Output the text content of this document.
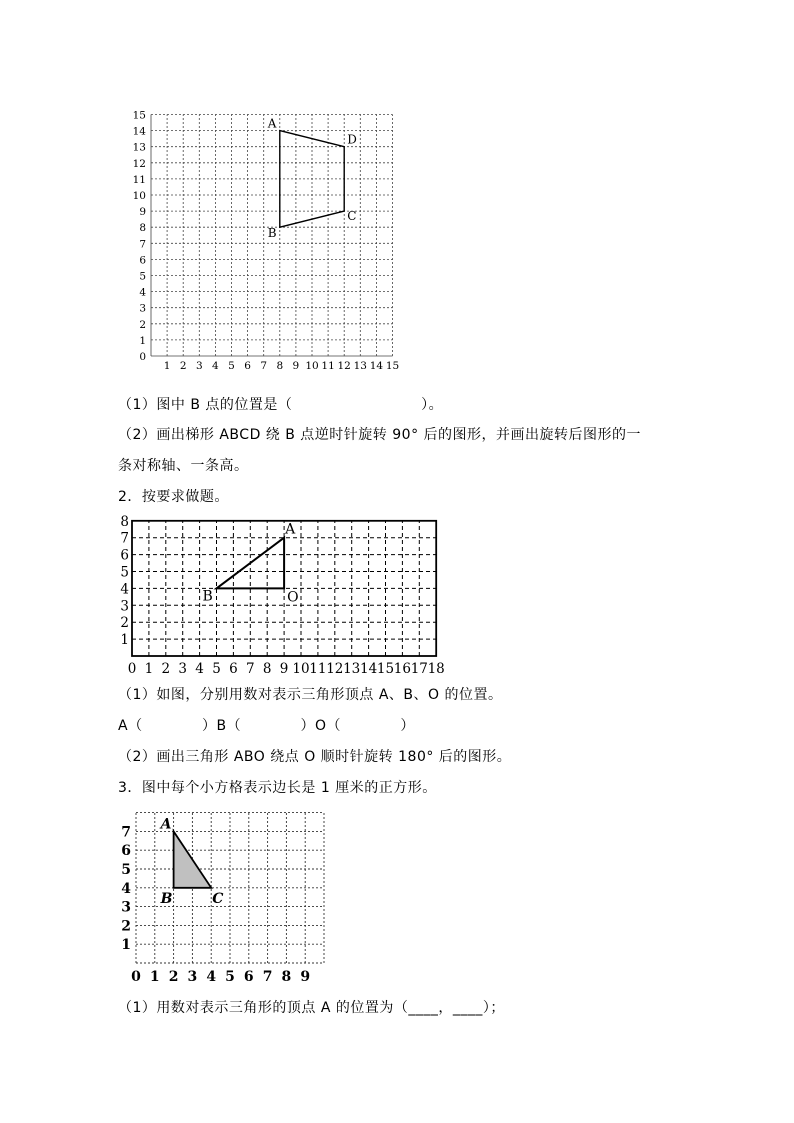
0
1
1
2
2
3
3
4
4
5
5
6
6
7
7
8
8
9
9
10
10
11
11
12
12
13
13
14
14
15
15
A
D
C
B
0 1 2 3 4 5 6 7 8 9 10 11 12 13 14 15 16 17 18
1
2
3
4
5
6
7
8	A
B	O
0 1 2 3 4 5 6 7 8 9
1
2
3
4
5
6
7 A
B	C
（1）图中 B 点的位置是（                          ）。
（2）画出梯形 ABCD 绕 B 点逆时针旋转 90° 后的图形，并画出旋转后图形的一
条对称轴、一条高。
2．按要求做题。
（1）如图，分别用数对表示三角形顶点 A、B、O 的位置。
A（            ）B（            ）O（            ）
（2）画出三角形 ABO 绕点 O 顺时针旋转 180° 后的图形。
3．图中每个小方格表示边长是 1 厘米的正方形。
（1）用数对表示三角形的顶点 A 的位置为（____，____）；
